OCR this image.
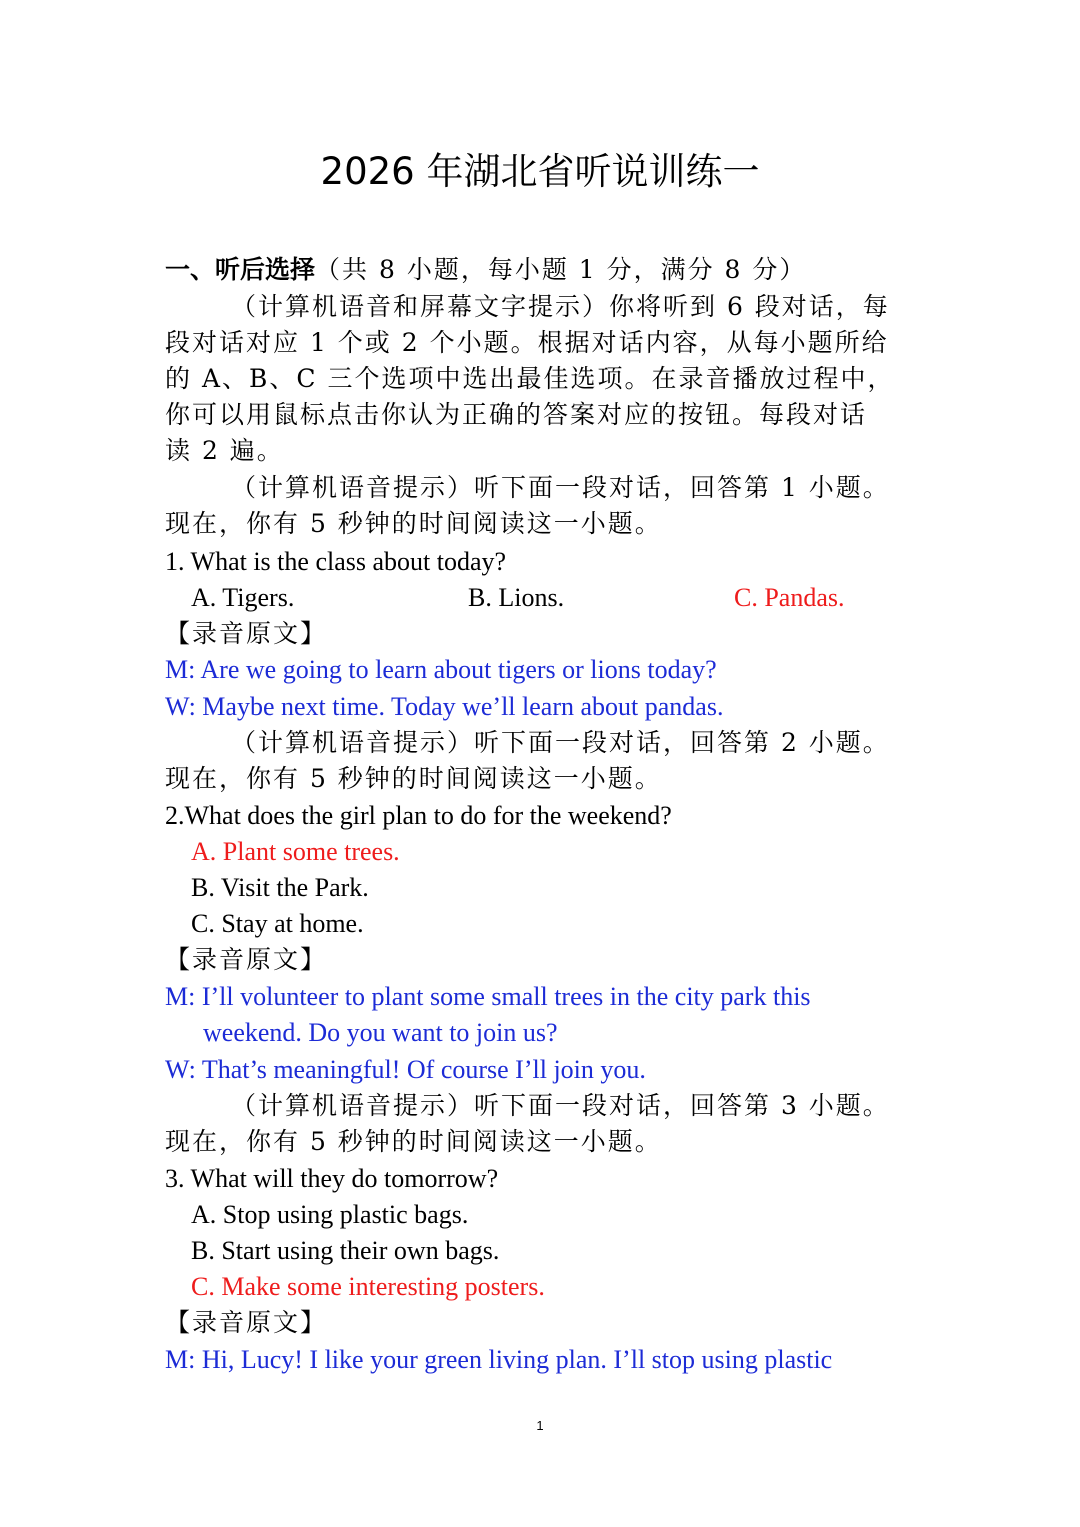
2026 年湖北省听说训练一
一、听后选择（共 8 小题，每小题 1 分，满分 8 分）
（计算机语音和屏幕文字提示）你将听到 6 段对话，每
段对话对应 1 个或 2 个小题。根据对话内容，从每小题所给
的 A、B、C 三个选项中选出最佳选项。在录音播放过程中，
你可以用鼠标点击你认为正确的答案对应的按钮。每段对话
读 2 遍。
（计算机语音提示）听下面一段对话，回答第 1 小题。
现在，你有 5 秒钟的时间阅读这一小题。
1. What is the class about today?
A. Tigers.	B. Lions.	C. Pandas.
【录音原文】
M: Are we going to learn about tigers or lions today?
W: Maybe next time. Today we’ll learn about pandas.
（计算机语音提示）听下面一段对话，回答第 2 小题。
现在，你有 5 秒钟的时间阅读这一小题。
2.What does the girl plan to do for the weekend?
A. Plant some trees.
B. Visit the Park.
C. Stay at home.
【录音原文】
M: I’ll volunteer to plant some small trees in the city park this
weekend. Do you want to join us?
W: That’s meaningful! Of course I’ll join you.
（计算机语音提示）听下面一段对话，回答第 3 小题。
现在，你有 5 秒钟的时间阅读这一小题。
3. What will they do tomorrow?
A. Stop using plastic bags.
B. Start using their own bags.
C. Make some interesting posters.
【录音原文】
M: Hi, Lucy! I like your green living plan. I’ll stop using plastic
1
